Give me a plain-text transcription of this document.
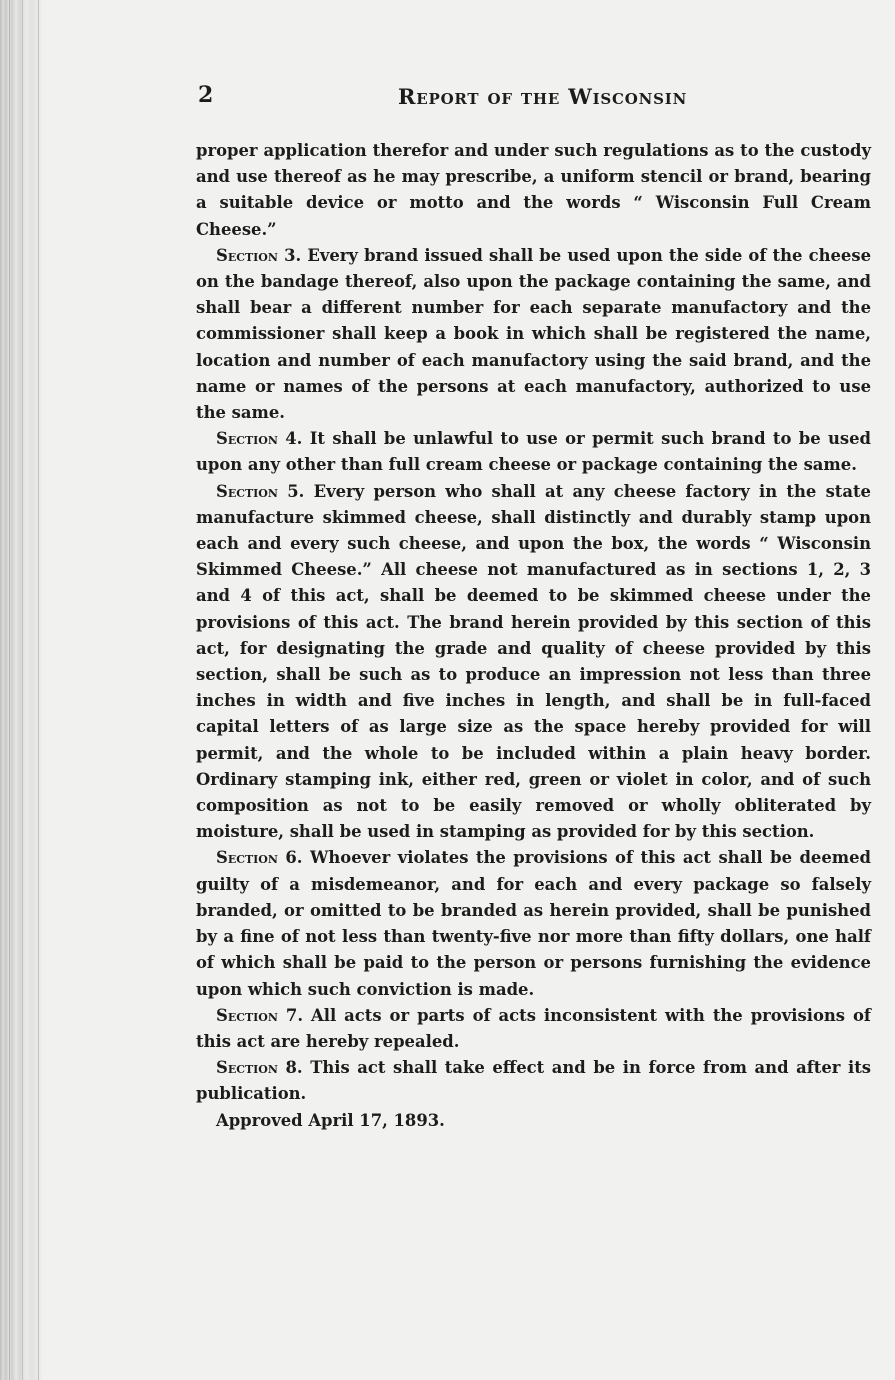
2	Report of the Wisconsin

proper application therefor and under such regulations as to the custody and use thereof as he may prescribe, a uniform stencil or brand, bearing a suitable device or motto and the words “ Wisconsin Full Cream Cheese.”

Section 3. Every brand issued shall be used upon the side of the cheese on the bandage thereof, also upon the package containing the same, and shall bear a different number for each separate manufactory and the commissioner shall keep a book in which shall be registered the name, location and number of each manufactory using the said brand, and the name or names of the persons at each manufactory, authorized to use the same.

Section 4. It shall be unlawful to use or permit such brand to be used upon any other than full cream cheese or package containing the same.

Section 5. Every person who shall at any cheese factory in the state manufacture skimmed cheese, shall distinctly and durably stamp upon each and every such cheese, and upon the box, the words “ Wisconsin Skimmed Cheese.” All cheese not manufactured as in sections 1, 2, 3 and 4 of this act, shall be deemed to be skimmed cheese under the provisions of this act. The brand herein provided by this section of this act, for designating the grade and quality of cheese provided by this section, shall be such as to produce an impression not less than three inches in width and five inches in length, and shall be in full-faced capital letters of as large size as the space hereby provided for will permit, and the whole to be included within a plain heavy border. Ordinary stamping ink, either red, green or violet in color, and of such composition as not to be easily removed or wholly obliterated by moisture, shall be used in stamping as provided for by this section.

Section 6. Whoever violates the provisions of this act shall be deemed guilty of a misdemeanor, and for each and every package so falsely branded, or omitted to be branded as herein provided, shall be punished by a fine of not less than twenty-five nor more than fifty dollars, one half of which shall be paid to the person or persons furnishing the evidence upon which such conviction is made.

Section 7. All acts or parts of acts inconsistent with the provisions of this act are hereby repealed.

Section 8. This act shall take effect and be in force from and after its publication.

Approved April 17, 1893.
